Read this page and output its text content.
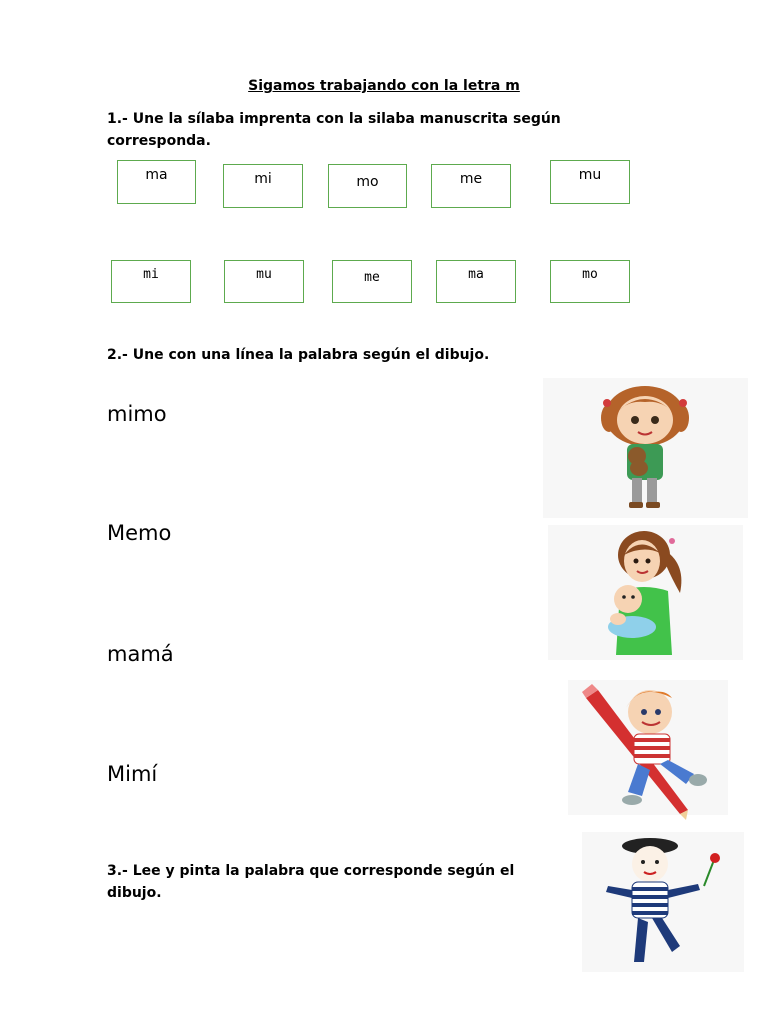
Sigamos trabajando con la letra m
1.- Une la sílaba imprenta con la silaba manuscrita según
corresponda.
ma	mi	mo	me	mu
mi	mu	me	ma	mo
2.- Une con una línea la palabra según el dibujo.
mimo
Memo
mamá
Mimí
3.- Lee y pinta la palabra que corresponde según el
dibujo.
